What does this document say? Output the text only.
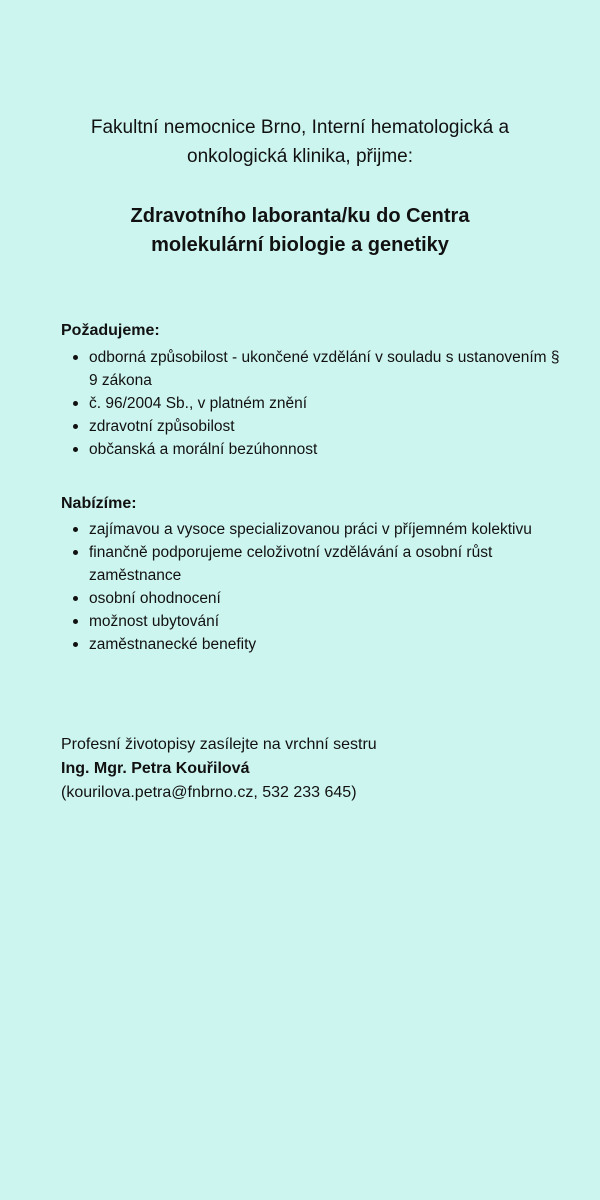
Fakultní nemocnice Brno, Interní hematologická a
onkologická klinika, přijme:
Zdravotního laboranta/ku do Centra
molekulární biologie a genetiky
Požadujeme:
odborná způsobilost - ukončené vzdělání v souladu s ustanovením § 9 zákona
č. 96/2004 Sb., v platném znění
zdravotní způsobilost
občanská a morální bezúhonnost
Nabízíme:
zajímavou a vysoce specializovanou práci v příjemném kolektivu
finančně podporujeme celoživotní vzdělávání a osobní růst zaměstnance
osobní ohodnocení
možnost ubytování
zaměstnanecké benefity
Profesní životopisy zasílejte na vrchní sestru
Ing. Mgr. Petra Kouřilová
(kourilova.petra@fnbrno.cz, 532 233 645)
